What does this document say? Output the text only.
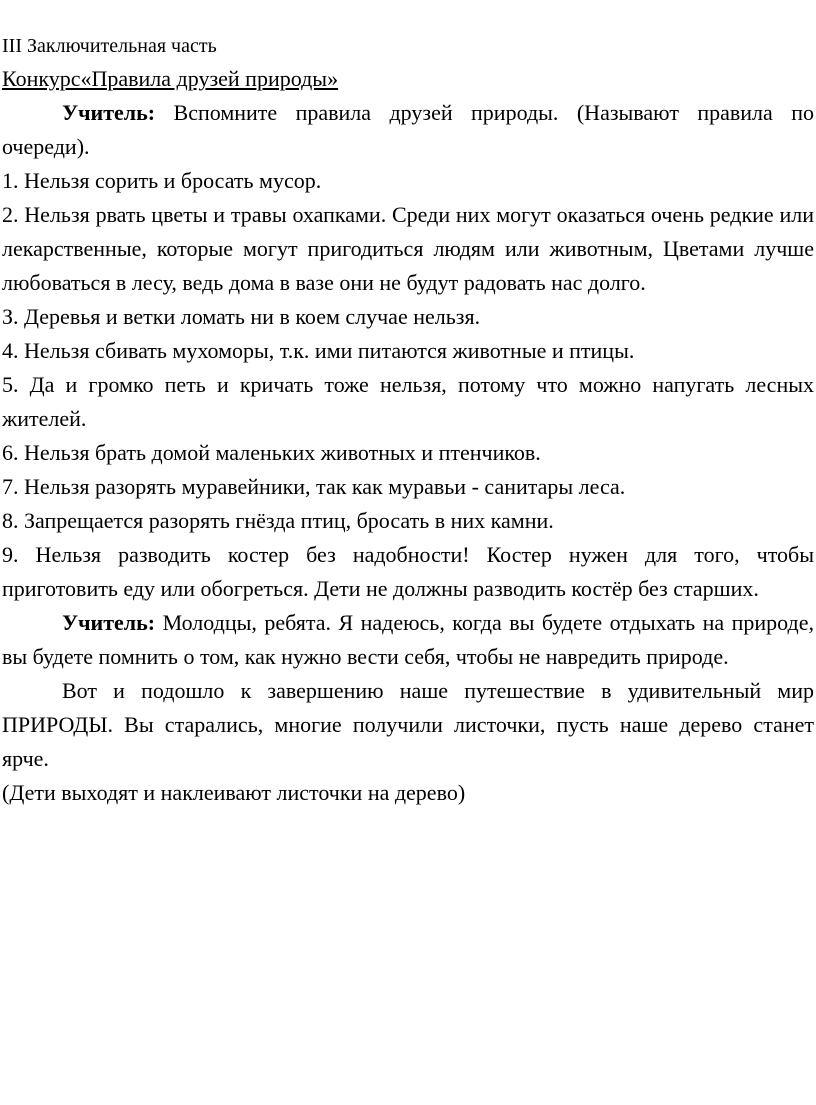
III Заключительная часть

Конкурс«Правила друзей природы»

Учитель: Вспомните правила друзей природы. (Называют правила по очереди).

1. Нельзя сорить и бросать мусор.

2. Нельзя рвать цветы и травы охапками. Среди них могут оказаться очень редкие или лекарственные, которые могут пригодиться людям или животным, Цветами лучше любоваться в лесу, ведь дома в вазе они не будут радовать нас долго.

З. Деревья и ветки ломать ни в коем случае нельзя.

4. Нельзя сбивать мухоморы, т.к. ими питаются животные и птицы.

5. Да и громко петь и кричать тоже нельзя, потому что можно напугать лесных жителей.

6. Нельзя брать домой маленьких животных и птенчиков.

7. Нельзя разорять муравейники, так как муравьи - санитары леса.

8. Запрещается разорять гнёзда птиц, бросать в них камни.

9. Нельзя разводить костер без надобности! Костер нужен для того, чтобы приготовить еду или обогреться. Дети не должны разводить костёр без старших.

Учитель: Молодцы, ребята. Я надеюсь, когда вы будете отдыхать на природе, вы будете помнить о том, как нужно вести себя, чтобы не навредить природе.

Вот и подошло к завершению наше путешествие в удивительный мир ПРИРОДЫ. Вы старались, многие получили листочки, пусть наше дерево станет ярче.

(Дети выходят и наклеивают листочки на дерево)
